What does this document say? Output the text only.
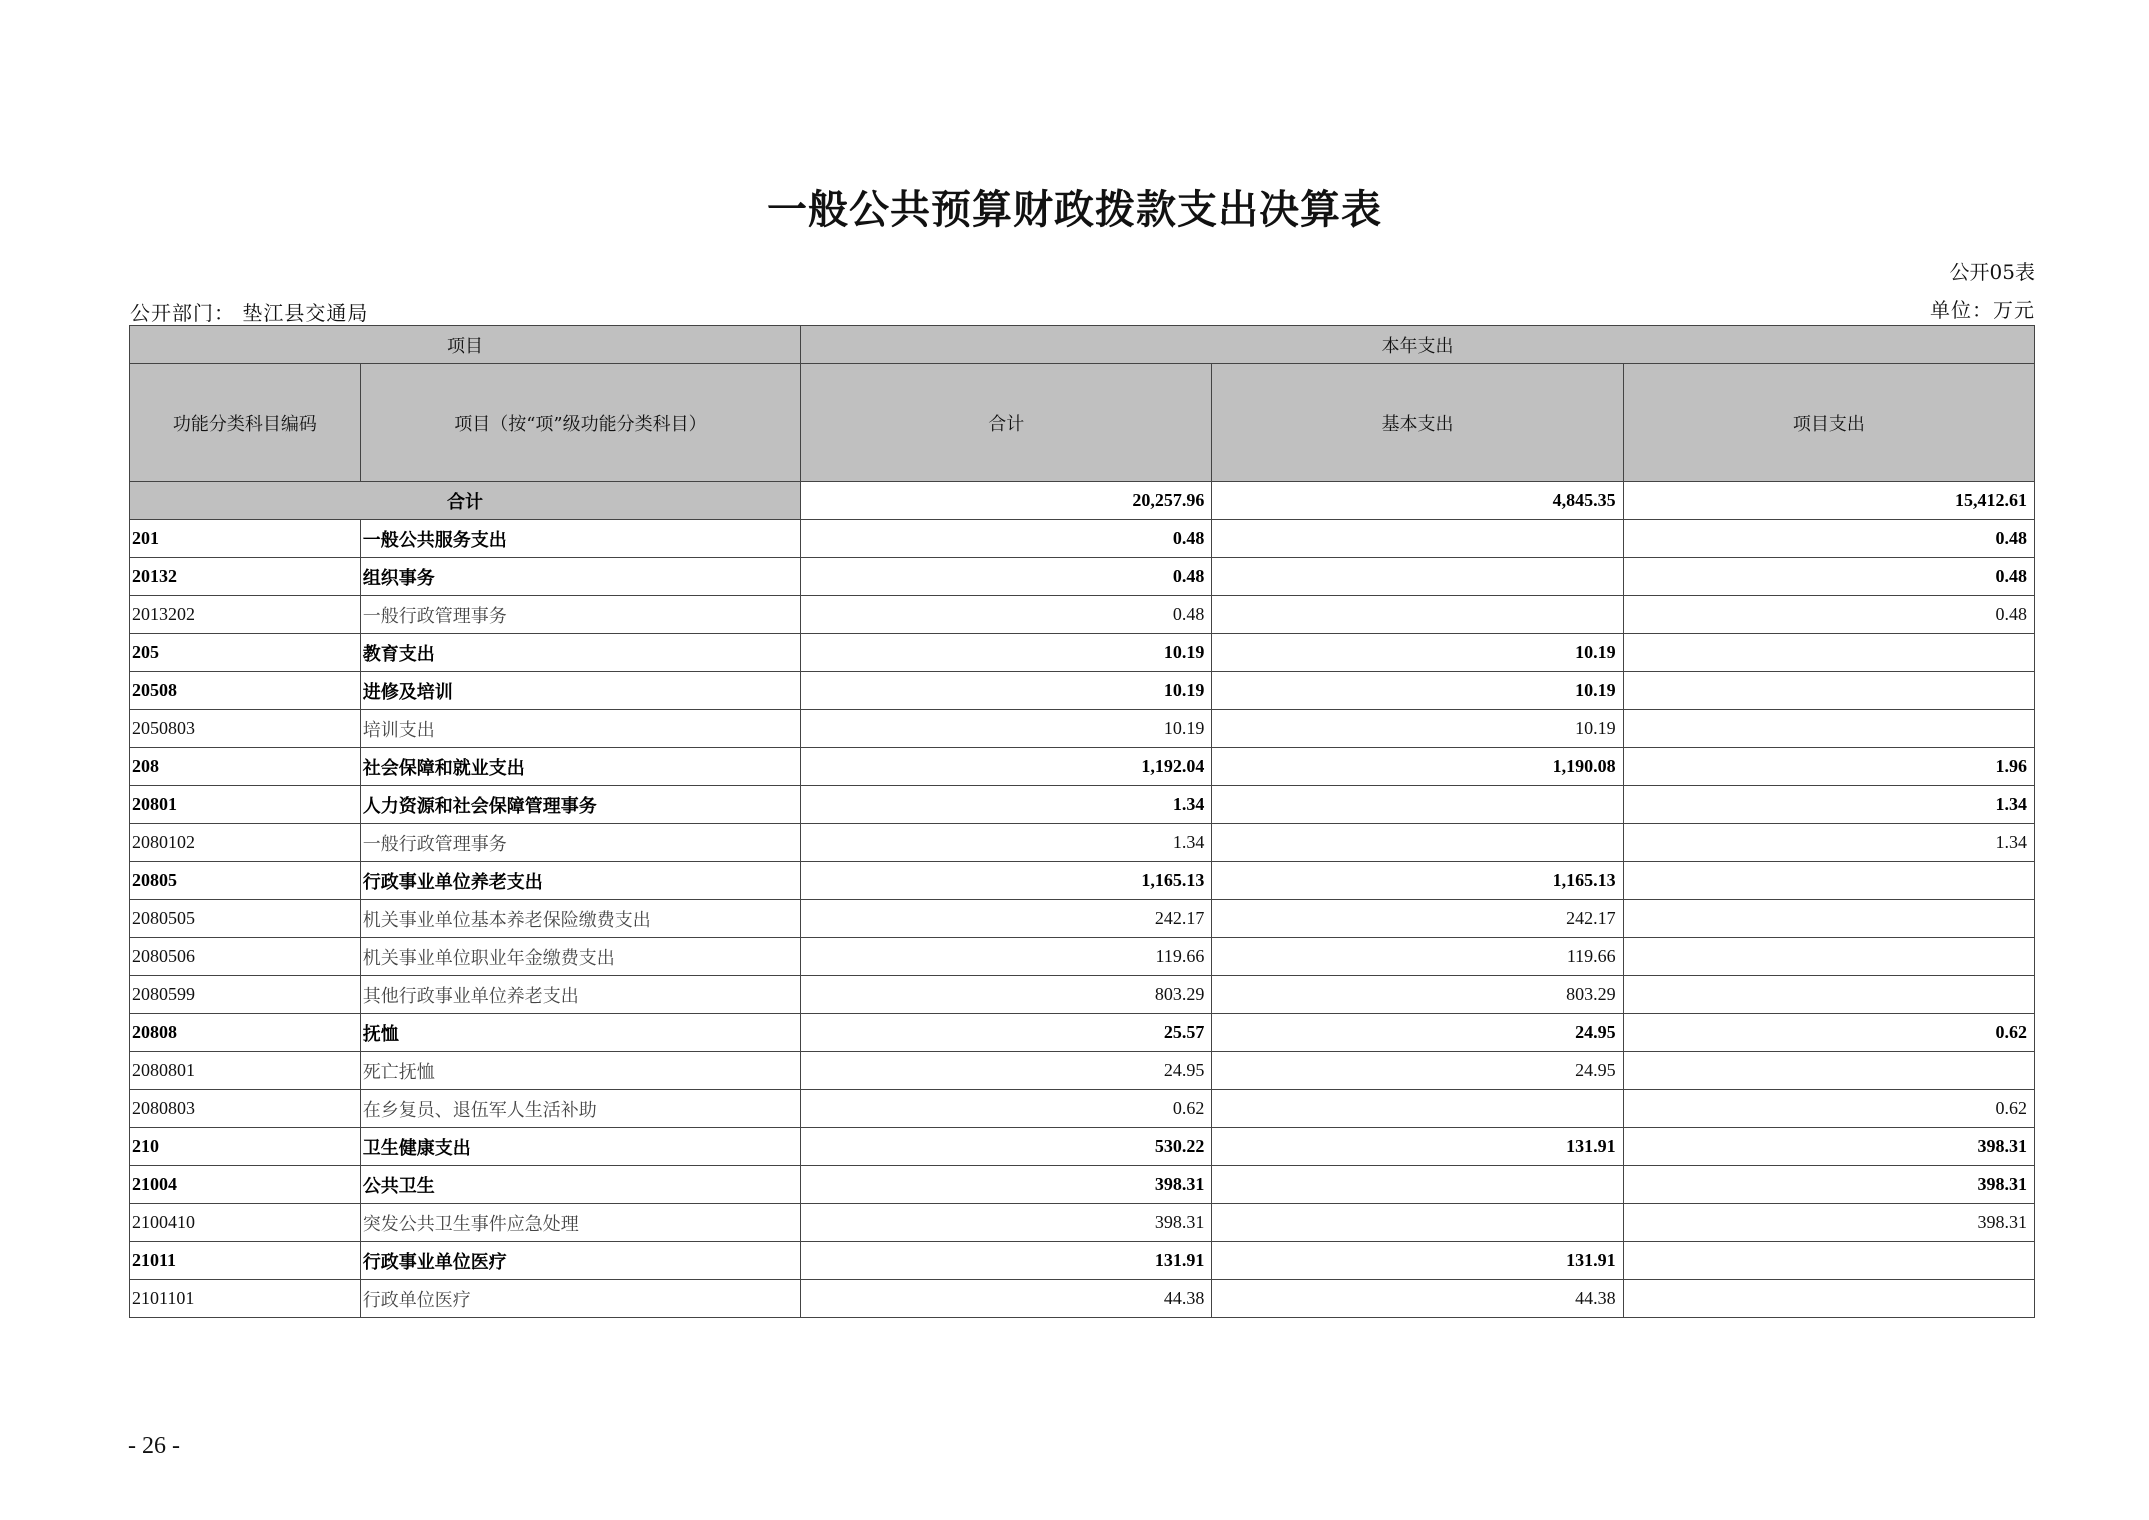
一般公共预算财政拨款支出决算表
公开05表
公开部门： 垫江县交通局	单位：万元
项目		本年支出		
功能分类科目编码	项目（按“项”级功能分类科目）	合计	基本支出	项目支出
合计		20,257.96	4,845.35	15,412.61
201	一般公共服务支出	0.48		0.48
20132	组织事务	0.48		0.48
2013202	一般行政管理事务	0.48		0.48
205	教育支出	10.19	10.19	
20508	进修及培训	10.19	10.19	
2050803	培训支出	10.19	10.19	
208	社会保障和就业支出	1,192.04	1,190.08	1.96
20801	人力资源和社会保障管理事务	1.34		1.34
2080102	一般行政管理事务	1.34		1.34
20805	行政事业单位养老支出	1,165.13	1,165.13	
2080505	机关事业单位基本养老保险缴费支出	242.17	242.17	
2080506	机关事业单位职业年金缴费支出	119.66	119.66	
2080599	其他行政事业单位养老支出	803.29	803.29	
20808	抚恤	25.57	24.95	0.62
2080801	死亡抚恤	24.95	24.95	
2080803	在乡复员、退伍军人生活补助	0.62		0.62
210	卫生健康支出	530.22	131.91	398.31
21004	公共卫生	398.31		398.31
2100410	突发公共卫生事件应急处理	398.31		398.31
21011	行政事业单位医疗	131.91	131.91	
2101101	行政单位医疗	44.38	44.38	
- 26 -
